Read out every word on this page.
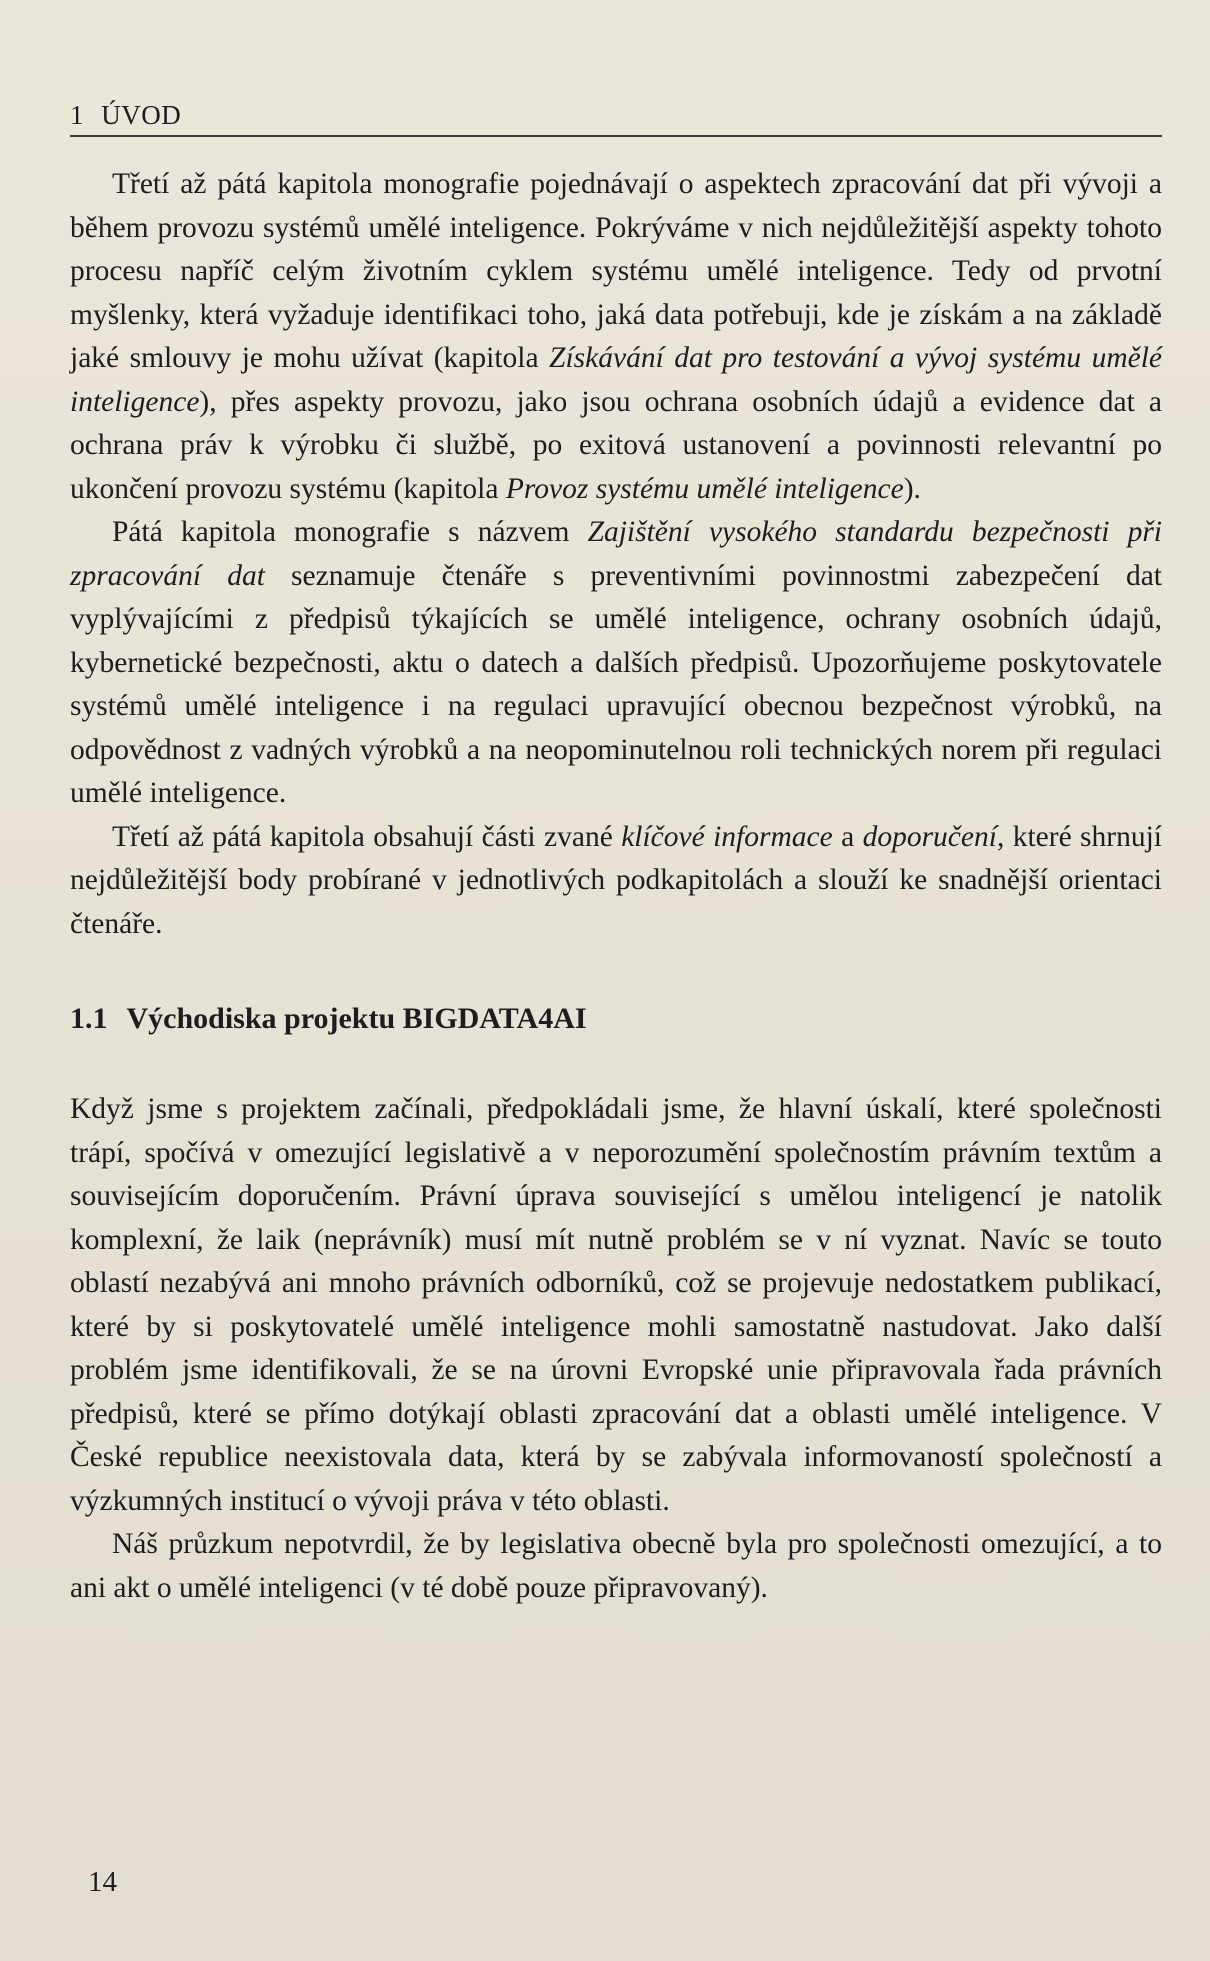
1 ÚVOD

Třetí až pátá kapitola monografie pojednávají o aspektech zpracování dat při vývoji a během provozu systémů umělé inteligence. Pokrýváme v nich nejdůležitější aspekty tohoto procesu napříč celým životním cyklem systému umělé inteligence. Tedy od prvotní myšlenky, která vyžaduje identifikaci toho, jaká data potřebuji, kde je získám a na základě jaké smlouvy je mohu užívat (kapitola Získávání dat pro testování a vývoj systému umělé inteligence), přes aspekty provozu, jako jsou ochrana osobních údajů a evidence dat a ochrana práv k výrobku či službě, po exitová ustanovení a povinnosti relevantní po ukončení provozu systému (kapitola Provoz systému umělé inteligence).

Pátá kapitola monografie s názvem Zajištění vysokého standardu bezpečnosti při zpracování dat seznamuje čtenáře s preventivními povinnostmi zabezpečení dat vyplývajícími z předpisů týkajících se umělé inteligence, ochrany osobních údajů, kybernetické bezpečnosti, aktu o datech a dalších předpisů. Upozorňujeme poskytovatele systémů umělé inteligence i na regulaci upravující obecnou bezpečnost výrobků, na odpovědnost z vadných výrobků a na neopominutelnou roli technických norem při regulaci umělé inteligence.

Třetí až pátá kapitola obsahují části zvané klíčové informace a doporučení, které shrnují nejdůležitější body probírané v jednotlivých podkapitolách a slouží ke snadnější orientaci čtenáře.

1.1 Východiska projektu BIGDATA4AI

Když jsme s projektem začínali, předpokládali jsme, že hlavní úskalí, které společnosti trápí, spočívá v omezující legislativě a v neporozumění společnostím právním textům a souvisejícím doporučením. Právní úprava související s umělou inteligencí je natolik komplexní, že laik (neprávník) musí mít nutně problém se v ní vyznat. Navíc se touto oblastí nezabývá ani mnoho právních odborníků, což se projevuje nedostatkem publikací, které by si poskytovatelé umělé inteligence mohli samostatně nastudovat. Jako další problém jsme identifikovali, že se na úrovni Evropské unie připravovala řada právních předpisů, které se přímo dotýkají oblasti zpracování dat a oblasti umělé inteligence. V České republice neexistovala data, která by se zabývala informovaností společností a výzkumných institucí o vývoji práva v této oblasti.

Náš průzkum nepotvrdil, že by legislativa obecně byla pro společnosti omezující, a to ani akt o umělé inteligenci (v té době pouze připravovaný).

14
